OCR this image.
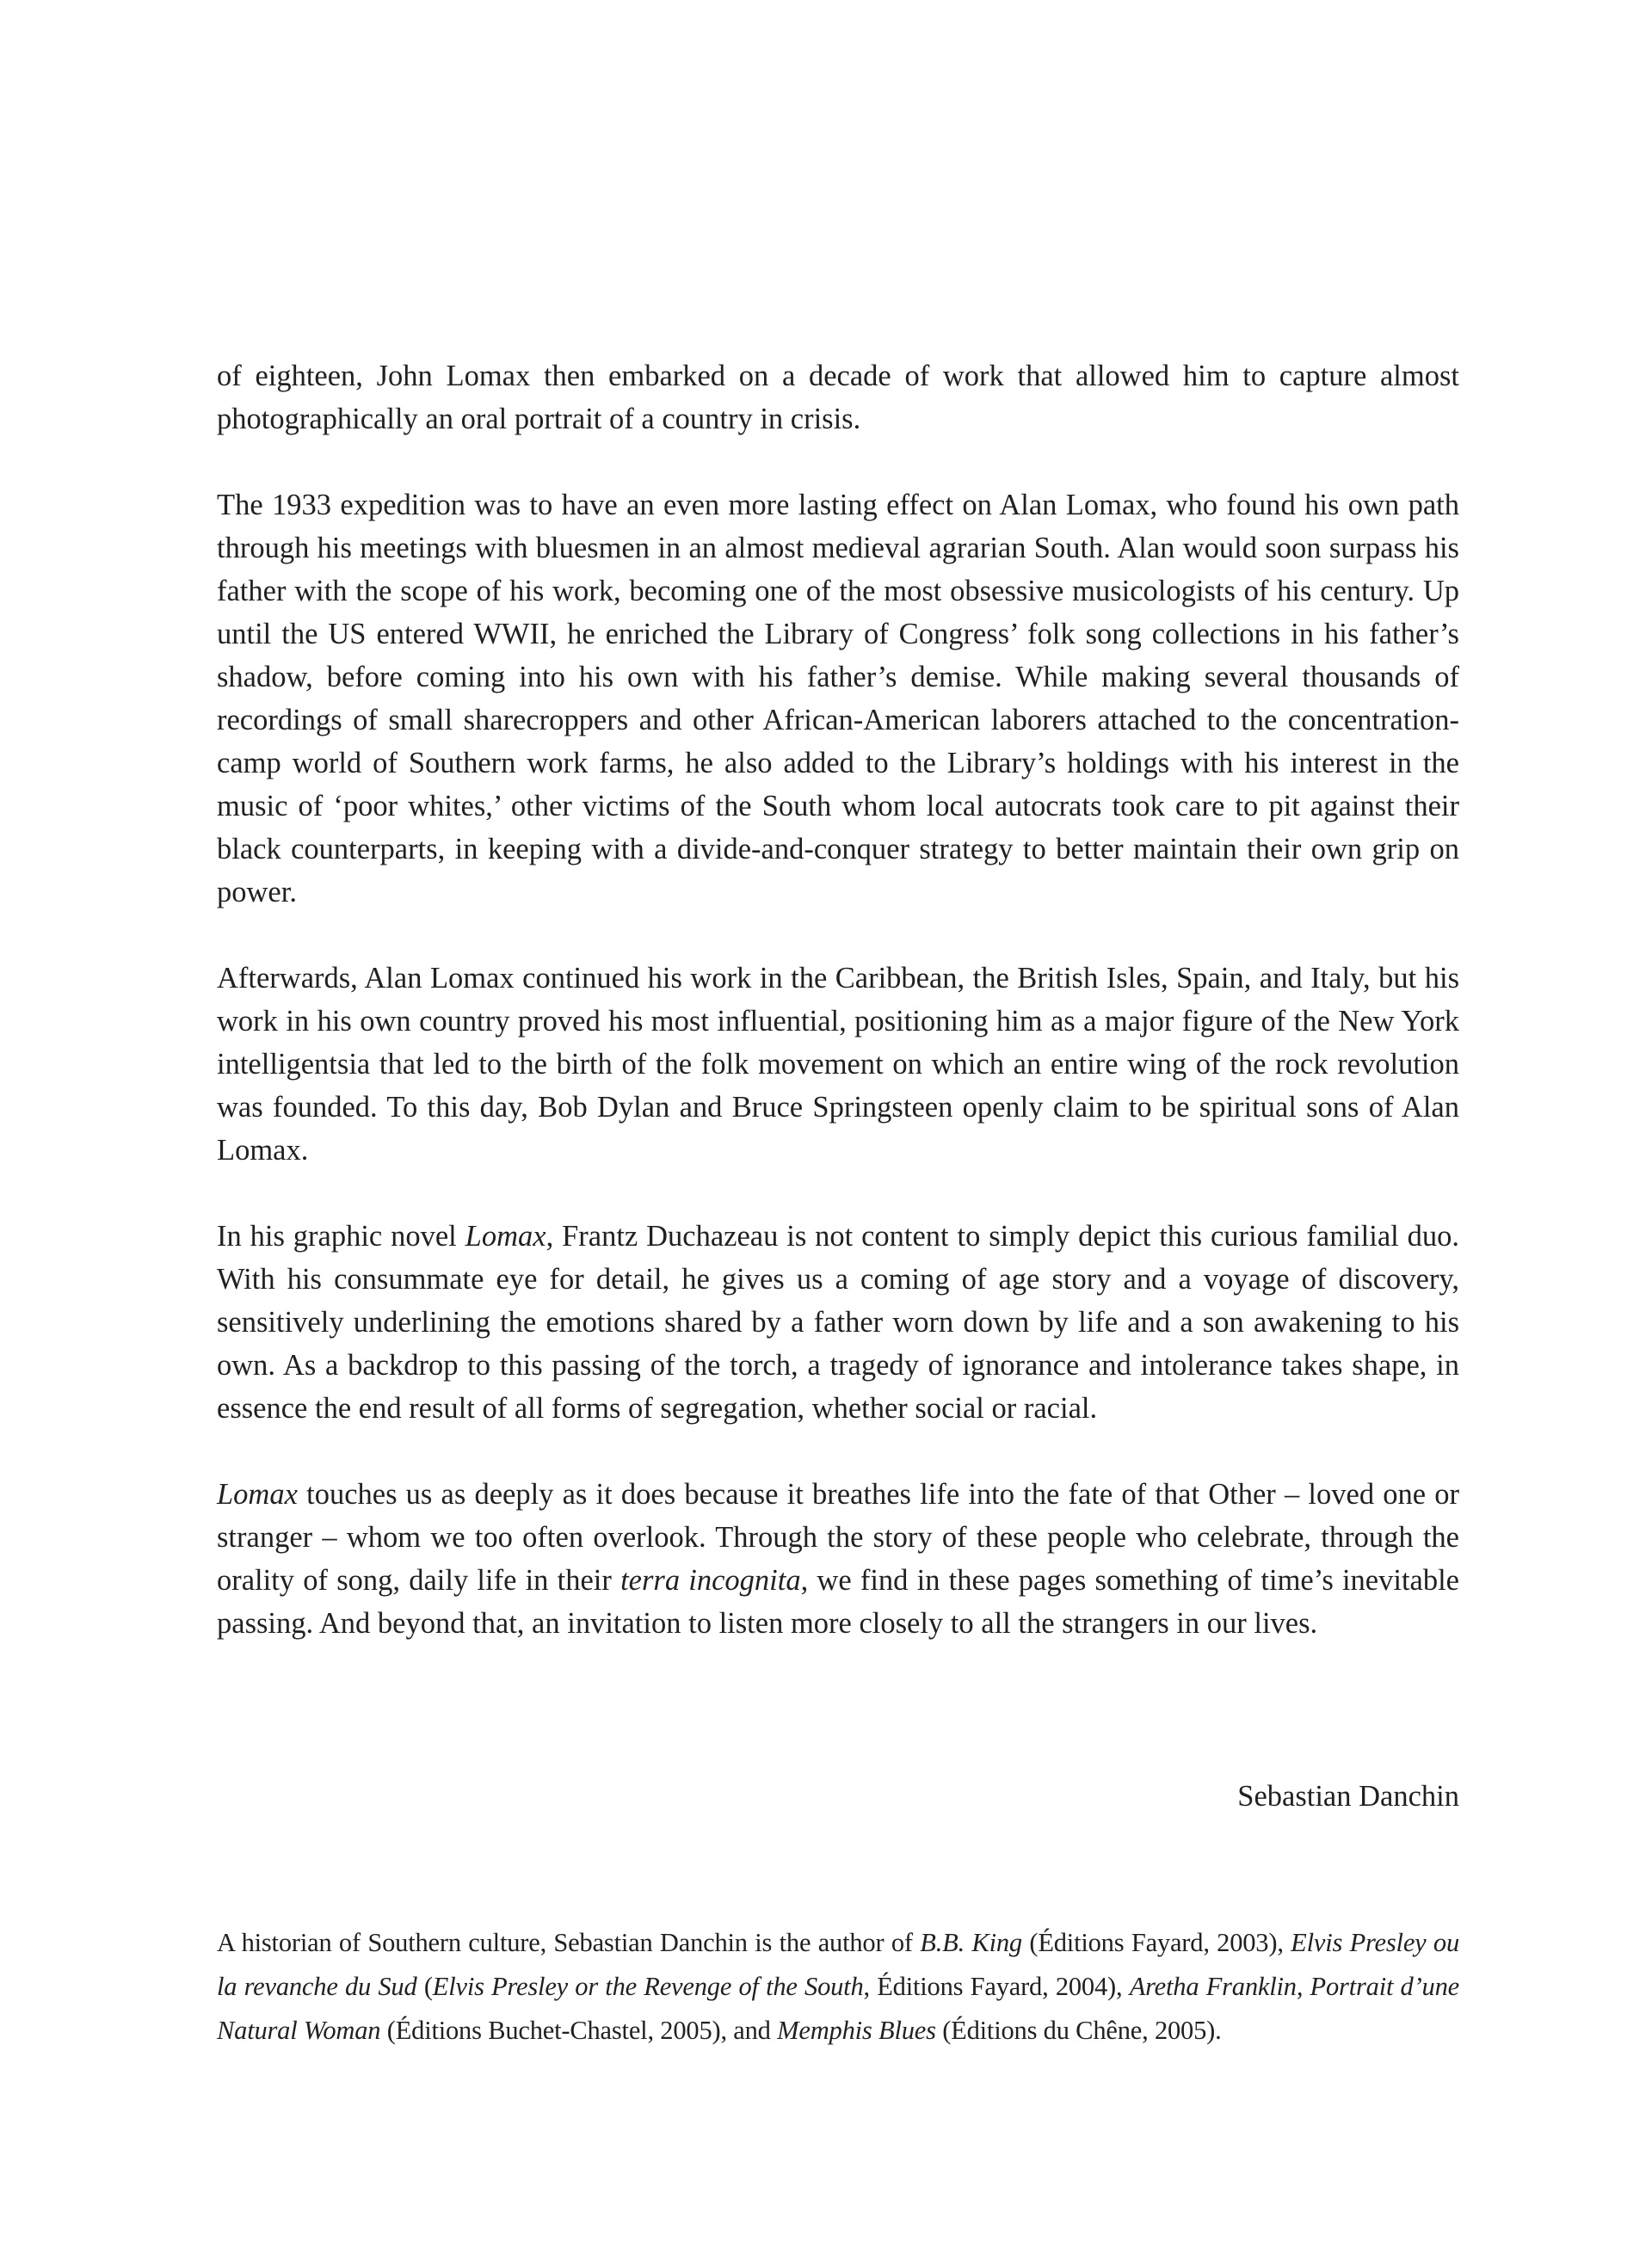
of eighteen, John Lomax then embarked on a decade of work that allowed him to capture almost photographically an oral portrait of a country in crisis.

The 1933 expedition was to have an even more lasting effect on Alan Lomax, who found his own path through his meetings with bluesmen in an almost medieval agrarian South. Alan would soon surpass his father with the scope of his work, becoming one of the most obsessive musicologists of his century. Up until the US entered WWII, he enriched the Library of Congress’ folk song collections in his father’s shadow, before coming into his own with his father’s demise. While making several thousands of recordings of small sharecroppers and other African-American laborers attached to the concentration-camp world of Southern work farms, he also added to the Library’s holdings with his interest in the music of ‘poor whites,’ other victims of the South whom local autocrats took care to pit against their black counterparts, in keeping with a divide-and-conquer strategy to better maintain their own grip on power.

Afterwards, Alan Lomax continued his work in the Caribbean, the British Isles, Spain, and Italy, but his work in his own country proved his most influential, positioning him as a major figure of the New York intelligentsia that led to the birth of the folk movement on which an entire wing of the rock revolution was founded. To this day, Bob Dylan and Bruce Springsteen openly claim to be spiritual sons of Alan Lomax.

In his graphic novel Lomax, Frantz Duchazeau is not content to simply depict this curious familial duo. With his consummate eye for detail, he gives us a coming of age story and a voyage of discovery, sensitively underlining the emotions shared by a father worn down by life and a son awakening to his own. As a backdrop to this passing of the torch, a tragedy of ignorance and intolerance takes shape, in essence the end result of all forms of segregation, whether social or racial.

Lomax touches us as deeply as it does because it breathes life into the fate of that Other – loved one or stranger – whom we too often overlook. Through the story of these people who celebrate, through the orality of song, daily life in their terra incognita, we find in these pages something of time’s inevitable passing. And beyond that, an invitation to listen more closely to all the strangers in our lives.

Sebastian Danchin

A historian of Southern culture, Sebastian Danchin is the author of B.B. King (Éditions Fayard, 2003), Elvis Presley ou la revanche du Sud (Elvis Presley or the Revenge of the South, Éditions Fayard, 2004), Aretha Franklin, Portrait d’une Natural Woman (Éditions Buchet-Chastel, 2005), and Memphis Blues (Éditions du Chêne, 2005).
